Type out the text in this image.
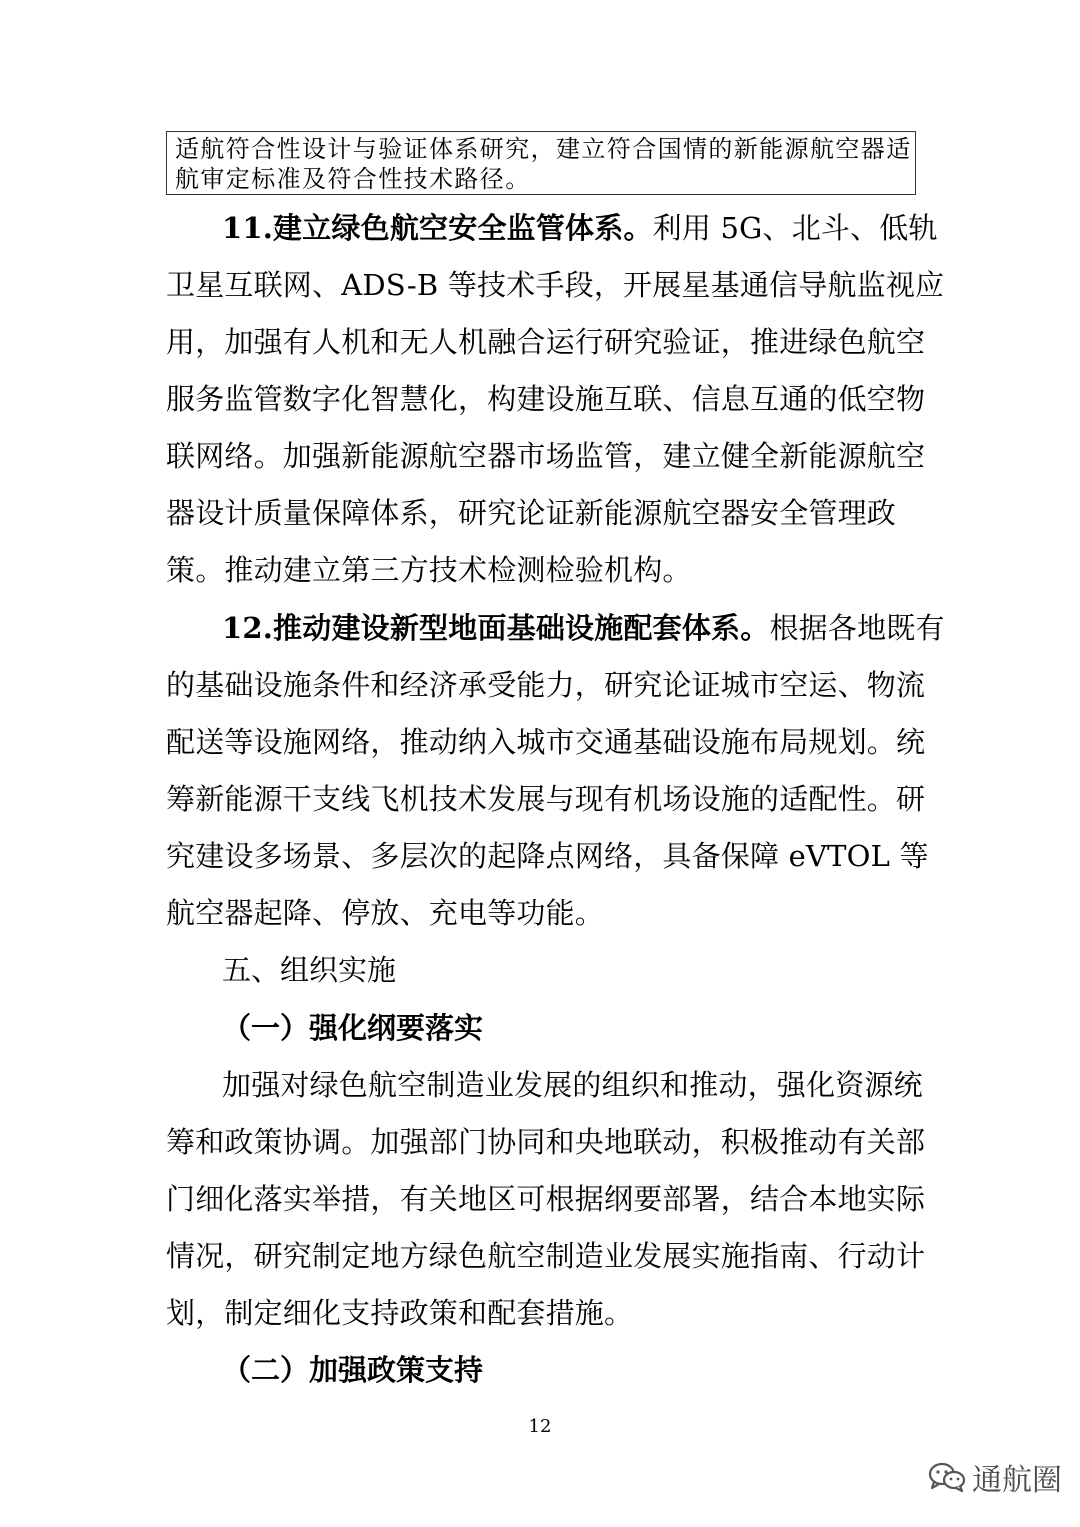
适航符合性设计与验证体系研究，建立符合国情的新能源航空器适
航审定标准及符合性技术路径。
11.建立绿色航空安全监管体系。利用 5G、北斗、低轨
卫星互联网、ADS-B 等技术手段，开展星基通信导航监视应
用，加强有人机和无人机融合运行研究验证，推进绿色航空
服务监管数字化智慧化，构建设施互联、信息互通的低空物
联网络。加强新能源航空器市场监管，建立健全新能源航空
器设计质量保障体系，研究论证新能源航空器安全管理政
策。推动建立第三方技术检测检验机构。
12.推动建设新型地面基础设施配套体系。根据各地既有
的基础设施条件和经济承受能力，研究论证城市空运、物流
配送等设施网络，推动纳入城市交通基础设施布局规划。统
筹新能源干支线飞机技术发展与现有机场设施的适配性。研
究建设多场景、多层次的起降点网络，具备保障 eVTOL 等
航空器起降、停放、充电等功能。
五、组织实施
（一）强化纲要落实
加强对绿色航空制造业发展的组织和推动，强化资源统
筹和政策协调。加强部门协同和央地联动，积极推动有关部
门细化落实举措，有关地区可根据纲要部署，结合本地实际
情况，研究制定地方绿色航空制造业发展实施指南、行动计
划，制定细化支持政策和配套措施。
（二）加强政策支持
12
通航圈
